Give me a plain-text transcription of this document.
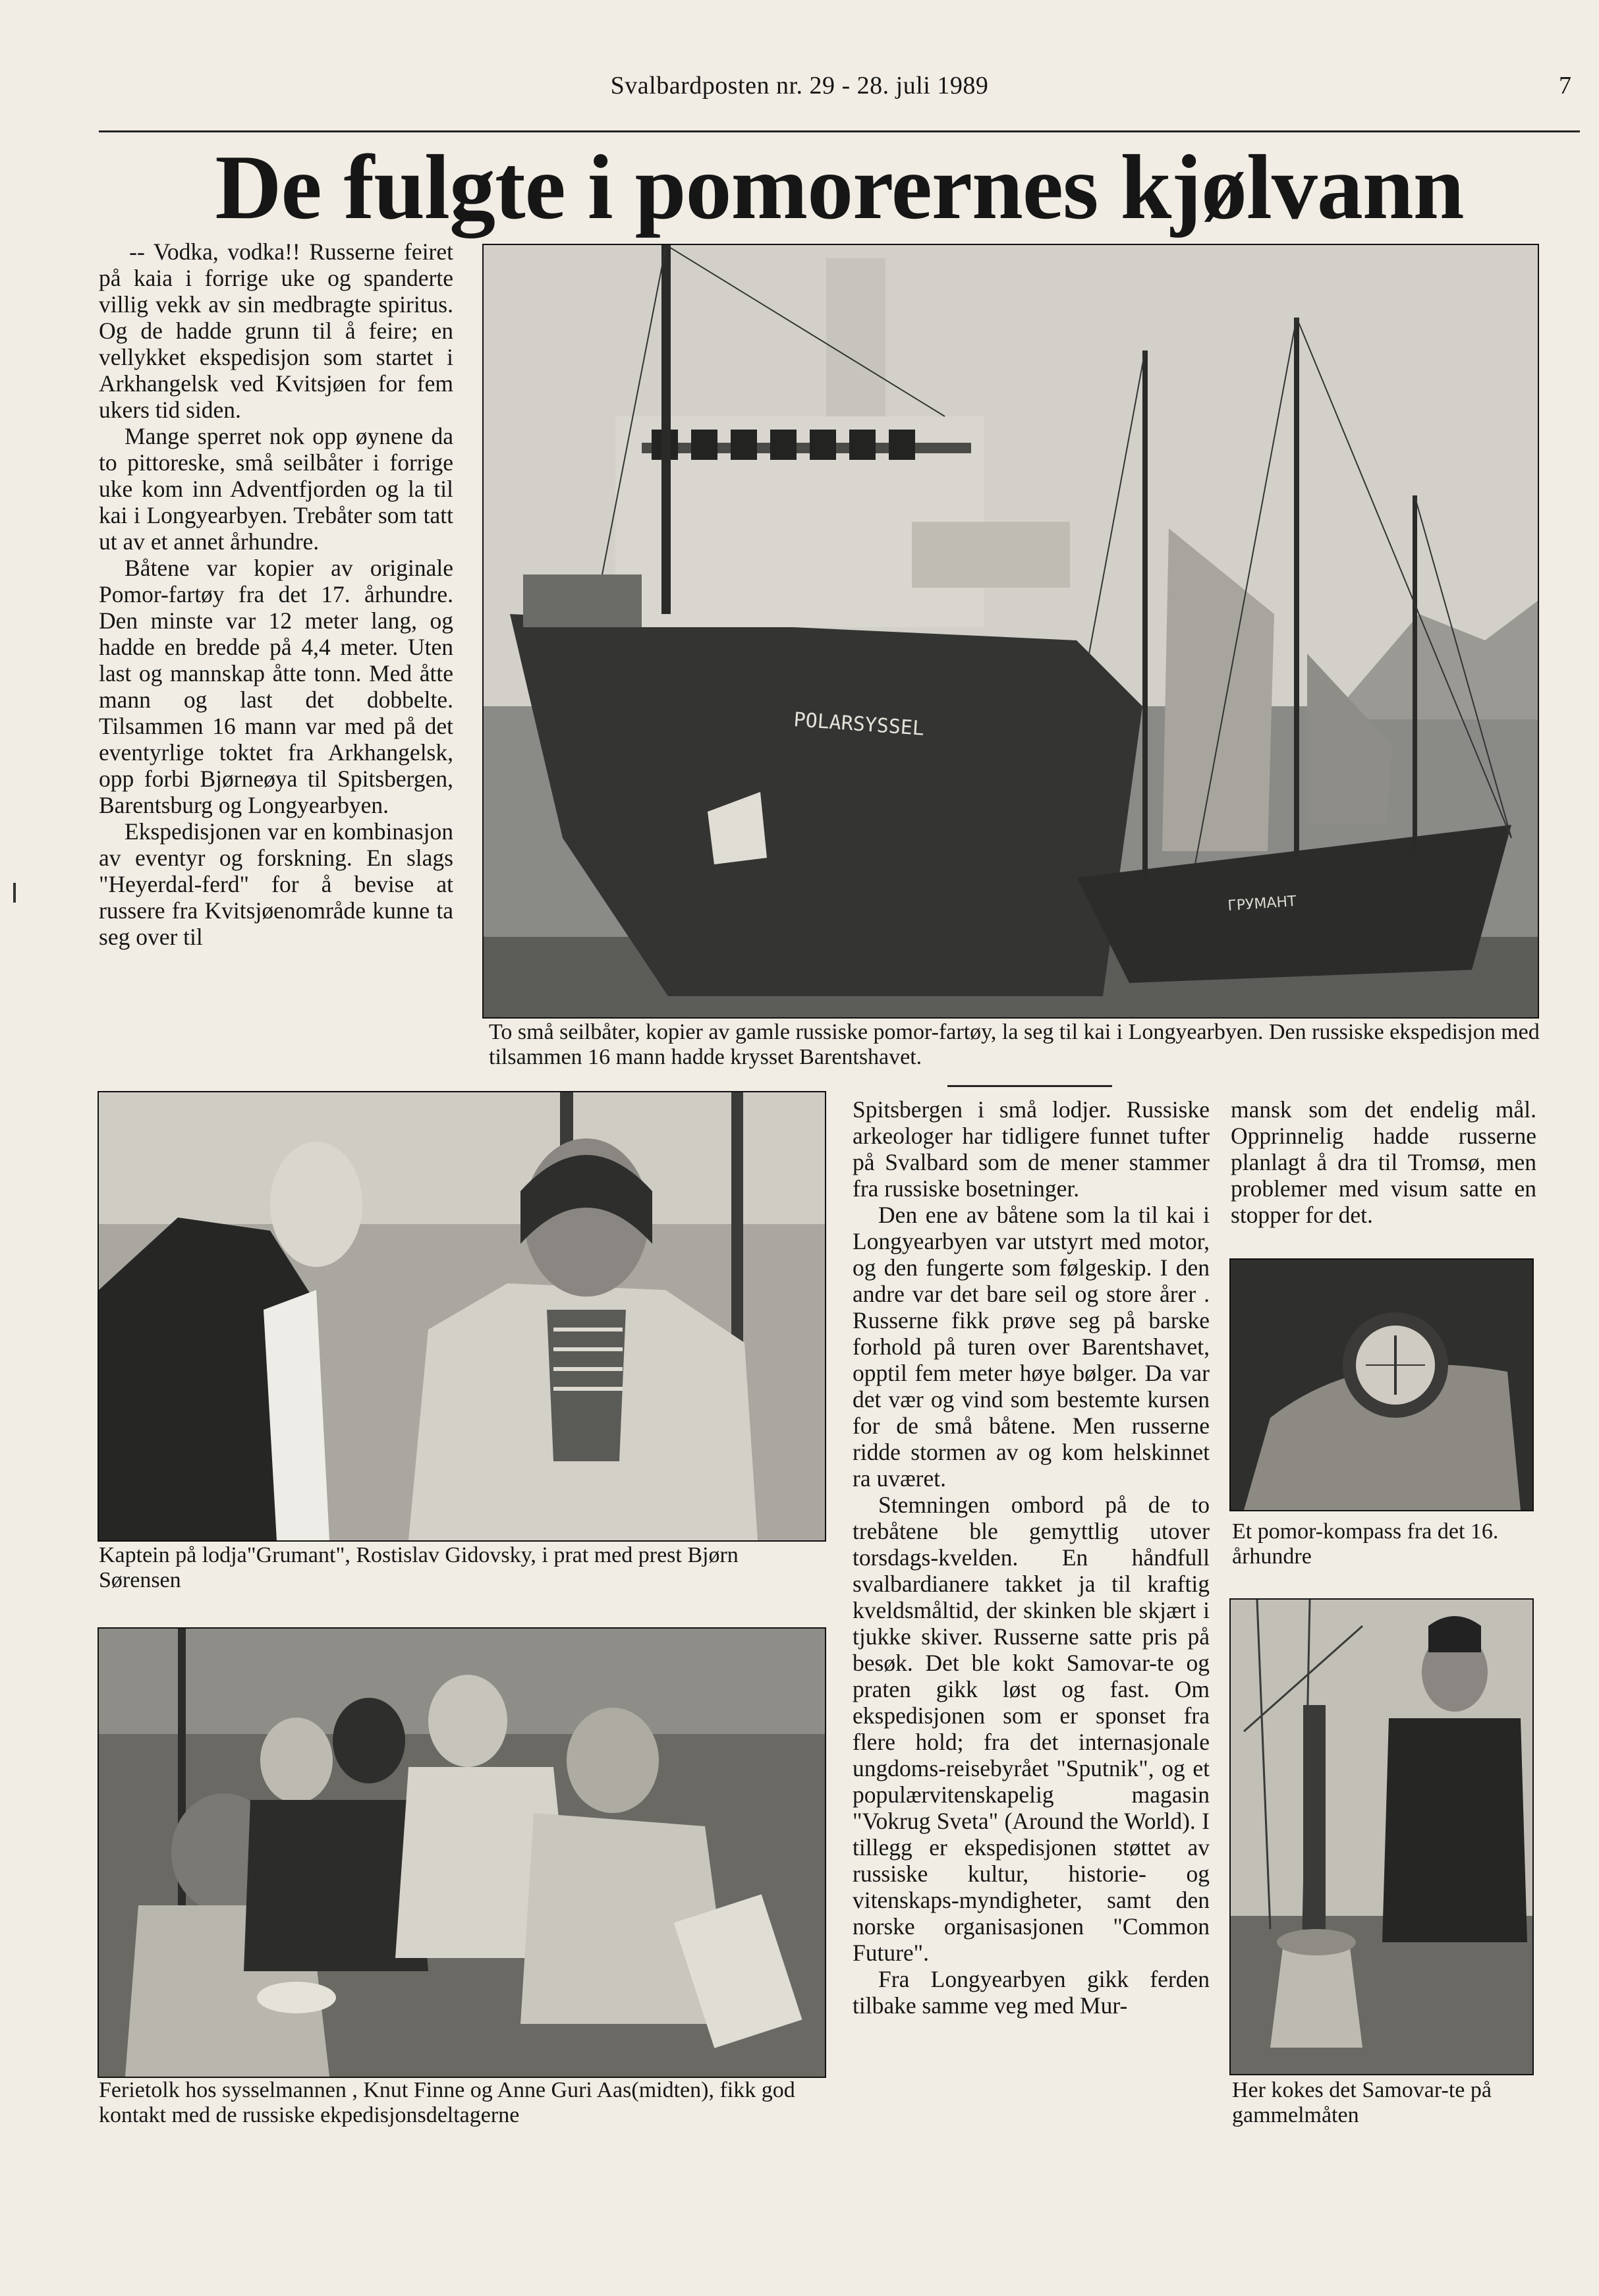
Svalbardposten nr. 29 - 28. juli 1989	7
De fulgte i pomorernes kjølvann

-- Vodka, vodka!! Russerne feiret på kaia i forrige uke og spanderte villig vekk av sin medbragte spiritus. Og de hadde grunn til å feire; en vellykket ekspedisjon som startet i Arkhangelsk ved Kvitsjøen for fem ukers tid siden.

Mange sperret nok opp øynene da to pittoreske, små seilbåter i forrige uke kom inn Adventfjorden og la til kai i Longyearbyen. Trebåter som tatt ut av et annet århundre.

Båtene var kopier av originale Pomor-fartøy fra det 17. århundre. Den minste var 12 meter lang, og hadde en bredde på 4,4 meter. Uten last og mannskap åtte tonn. Med åtte mann og last det dobbelte. Tilsammen 16 mann var med på det eventyrlige toktet fra Arkhangelsk, opp forbi Bjørneøya til Spitsbergen, Barentsburg og Longyearbyen.

Ekspedisjonen var en kombinasjon av eventyr og forskning. En slags "Heyerdal-ferd" for å bevise at russere fra Kvitsjøenområde kunne ta seg over til

POLARSYSSEL
ГРУМАНТ
To små seilbåter, kopier av gamle russiske pomor-fartøy, la seg til kai i Longyearbyen. Den russiske ekspedisjon med tilsammen 16 mann hadde krysset Barentshavet.
Kaptein på lodja"Grumant", Rostislav Gidovsky, i prat med prest Bjørn Sørensen

Spitsbergen i små lodjer. Russiske arkeologer har tidligere funnet tufter på Svalbard som de mener stammer fra russiske bosetninger.

Den ene av båtene som la til kai i Longyearbyen var utstyrt med motor, og den fungerte som følgeskip. I den andre var det bare seil og store årer . Russerne fikk prøve seg på barske forhold på turen over Barentshavet, opptil fem meter høye bølger. Da var det vær og vind som bestemte kursen for de små båtene. Men russerne ridde stormen av og kom helskinnet ra uværet.

Stemningen ombord på de to trebåtene ble gemyttlig utover torsdags-kvelden. En håndfull svalbardianere takket ja til kraftig kveldsmåltid, der skinken ble skjært i tjukke skiver. Russerne satte pris på besøk. Det ble kokt Samovar-te og praten gikk løst og fast. Om ekspedisjonen som er sponset fra flere hold; fra det internasjonale ungdoms-reisebyrået "Sputnik", og et populærvitenskapelig magasin "Vokrug Sveta" (Around the World). I tillegg er ekspedisjonen støttet av russiske kultur, historie- og vitenskaps-myndigheter, samt den norske organisasjonen "Common Future".

Fra Longyearbyen gikk ferden tilbake samme veg med Mur-

mansk som det endelig mål. Opprinnelig hadde russerne planlagt å dra til Tromsø, men problemer med visum satte en stopper for det.

Et pomor-kompass fra det 16. århundre
Ferietolk hos sysselmannen , Knut Finne og Anne Guri Aas(midten), fikk god kontakt med de russiske ekpedisjonsdeltagerne
Her kokes det Samovar-te på gammelmåten
